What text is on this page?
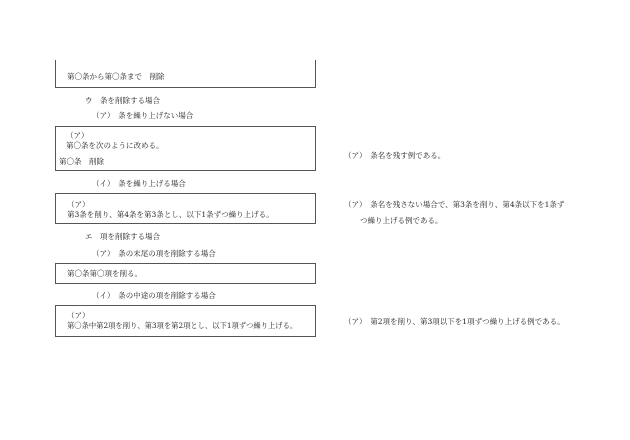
第〇条から第〇条まで　削除
ウ　条を削除する場合
（ア）　条を繰り上げない場合
（ア）
第〇条を次のように改める。
第〇条　削除
（ア）　条名を残す例である。
（イ）　条を繰り上げる場合
（ア）
第3条を削り、第4条を第3条とし、以下1条ずつ繰り上げる。
（ア）　条名を残さない場合で、第3条を削り、第4条以下を1条ず
つ繰り上げる例である。
エ　項を削除する場合
（ア）　条の末尾の項を削除する場合
第〇条第〇項を削る。
（イ）　条の中途の項を削除する場合
（ア）
第〇条中第2項を削り、第3項を第2項とし、以下1項ずつ繰り上げる。	（ア）　第2項を削り、第3項以下を1項ずつ繰り上げる例である。
